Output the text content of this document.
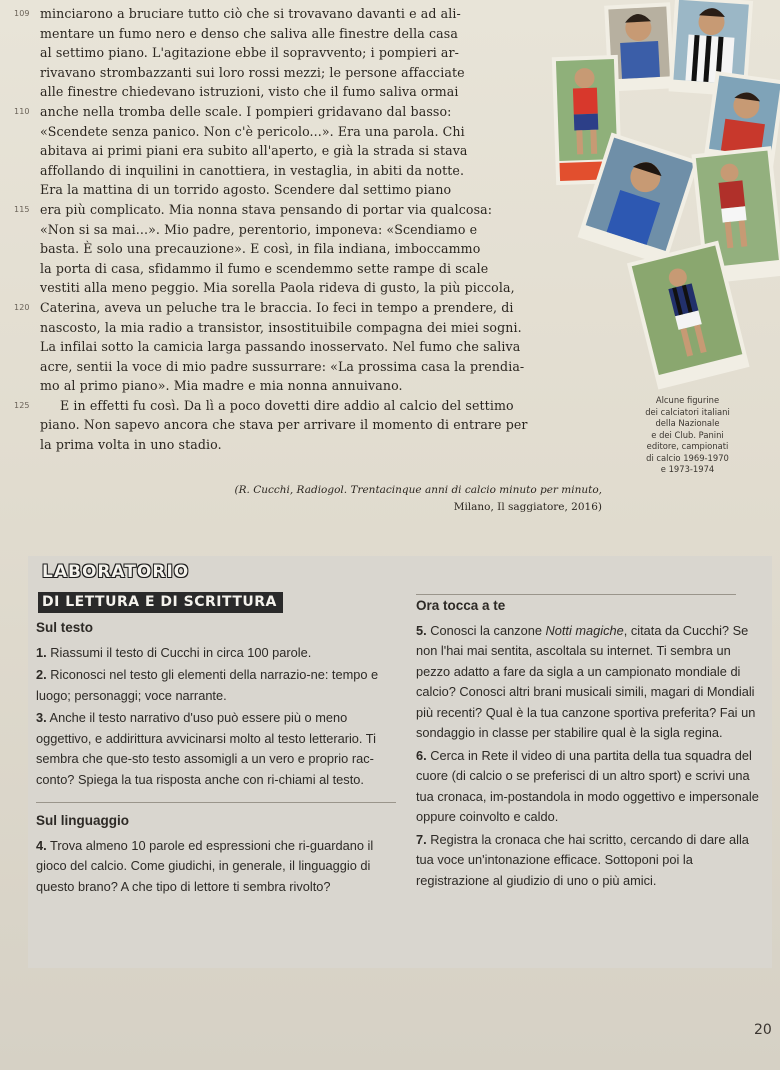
109 minciarono a bruciare tutto ciò che si trovavano davanti e ad ali-
mentare un fumo nero e denso che saliva alle finestre della casa
al settimo piano. L'agitazione ebbe il sopravvento; i pompieri ar-
rivavano strombazzanti sui loro rossi mezzi; le persone affacciate
alle finestre chiedevano istruzioni, visto che il fumo saliva ormai
110 anche nella tromba delle scale. I pompieri gridavano dal basso:
«Scendete senza panico. Non c'è pericolo...». Era una parola. Chi
abitava ai primi piani era subito all'aperto, e già la strada si stava
affollando di inquilini in canottiera, in vestaglia, in abiti da notte.
Era la mattina di un torrido agosto. Scendere dal settimo piano
115 era più complicato. Mia nonna stava pensando di portar via qualcosa:
«Non si sa mai...». Mio padre, perentorio, imponeva: «Scendiamo e
basta. È solo una precauzione». E così, in fila indiana, imboccammo
la porta di casa, sfidammo il fumo e scendemmo sette rampe di scale
vestiti alla meno peggio. Mia sorella Paola rideva di gusto, la più piccola,
120 Caterina, aveva un peluche tra le braccia. Io feci in tempo a prendere, di
nascosto, la mia radio a transistor, insostituibile compagna dei miei sogni.
La infilai sotto la camicia larga passando inosservato. Nel fumo che saliva
acre, sentii la voce di mio padre sussurrare: «La prossima casa la prendia-
mo al primo piano». Mia madre e mia nonna annuivano.
125	E in effetti fu così. Da lì a poco dovetti dire addio al calcio del settimo
piano. Non sapevo ancora che stava per arrivare il momento di entrare per
la prima volta in uno stadio.
(R. Cucchi, Radiogol. Trentacinque anni di calcio minuto per minuto,
Milano, Il saggiatore, 2016)
Alcune figurine
dei calciatori italiani
della Nazionale
e dei Club. Panini
editore, campionati
di calcio 1969-1970
e 1973-1974
LABORATORIO
DI LETTURA E DI SCRITTURA
Sul testo
1. Riassumi il testo di Cucchi in circa 100 parole.
2. Riconosci nel testo gli elementi della narrazio-ne: tempo e luogo; personaggi; voce narrante.
3. Anche il testo narrativo d'uso può essere più o meno oggettivo, e addirittura avvicinarsi molto al testo letterario. Ti sembra che que-sto testo assomigli a un vero e proprio rac-conto? Spiega la tua risposta anche con ri-chiami al testo.
Sul linguaggio
4. Trova almeno 10 parole ed espressioni che ri-guardano il gioco del calcio. Come giudichi, in generale, il linguaggio di questo brano? A che tipo di lettore ti sembra rivolto?
Ora tocca a te
5. Conosci la canzone Notti magiche, citata da Cucchi? Se non l'hai mai sentita, ascoltala su internet. Ti sembra un pezzo adatto a fare da sigla a un campionato mondiale di calcio? Conosci altri brani musicali simili, magari di Mondiali più recenti? Qual è la tua canzone sportiva preferita? Fai un sondaggio in classe per stabilire qual è la sigla regina.
6. Cerca in Rete il video di una partita della tua squadra del cuore (di calcio o se preferisci di un altro sport) e scrivi una tua cronaca, im-postandola in modo oggettivo e impersonale oppure coinvolto e caldo.
7. Registra la cronaca che hai scritto, cercando di dare alla tua voce un'intonazione efficace. Sottoponi poi la registrazione al giudizio di uno o più amici.
20
